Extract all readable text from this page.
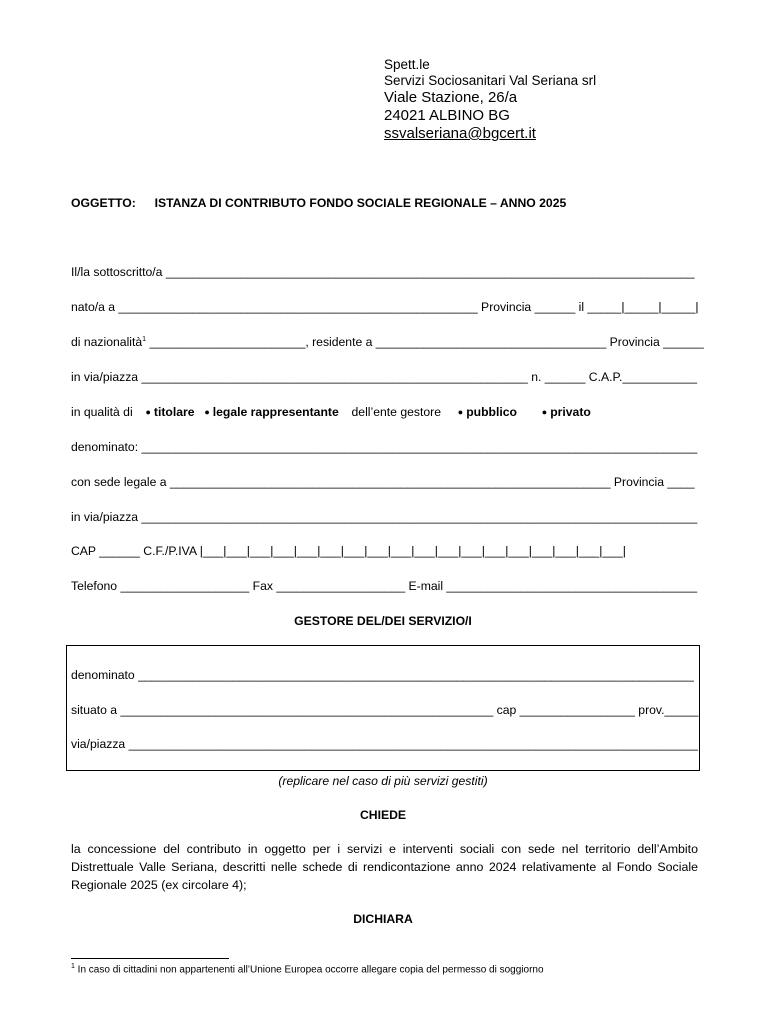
Spett.le
Servizi Sociosanitari Val Seriana srl
Viale Stazione, 26/a
24021 ALBINO BG
ssvalseriana@bgcert.it
OGGETTO: ISTANZA DI CONTRIBUTO FONDO SOCIALE REGIONALE – ANNO 2025
Il/la sottoscritto/a ______________________________________________________________________________
nato/a a _____________________________________________________ Provincia ______ il _____|_____|_____|
di nazionalità$^1$ _______________________, residente a __________________________________ Provincia ______
in via/piazza _________________________________________________________ n. ______ C.A.P.___________
in qualità di ● titolare ● legale rappresentante dell’ente gestore ● pubblico	● privato
denominato: __________________________________________________________________________________
con sede legale a _________________________________________________________________ Provincia ____
in via/piazza __________________________________________________________________________________
CAP ______ C.F./P.IVA |___|___|___|___|___|___|___|___|___|___|___|___|___|___|___|___|___|___|
Telefono ___________________ Fax ___________________ E-mail _____________________________________
GESTORE DEL/DEI SERVIZIO/I
denominato __________________________________________________________________________________
situato a _______________________________________________________ cap _________________ prov._____
via/piazza ____________________________________________________________________________________
(replicare nel caso di più servizi gestiti)
CHIEDE
la concessione del contributo in oggetto per i servizi e interventi sociali con sede nel territorio dell’Ambito Distrettuale Valle Seriana, descritti nelle schede di rendicontazione anno 2024 relativamente al Fondo Sociale Regionale 2025 (ex circolare 4);
DICHIARA
$^1$ In caso di cittadini non appartenenti all’Unione Europea occorre allegare copia del permesso di soggiorno
